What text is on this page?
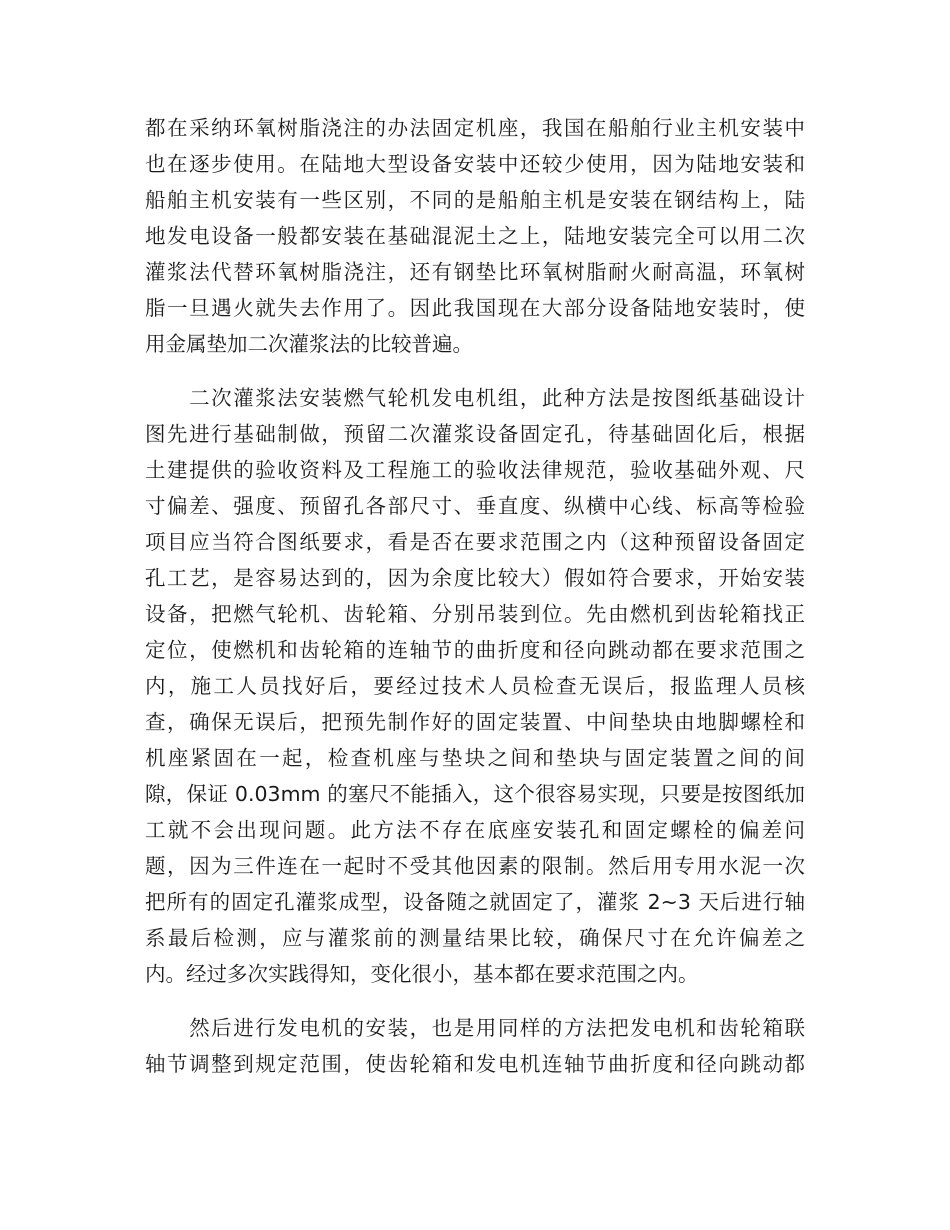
都在采纳环氧树脂浇注的办法固定机座，我国在船舶行业主机安装中
也在逐步使用。在陆地大型设备安装中还较少使用，因为陆地安装和
船舶主机安装有一些区别，不同的是船舶主机是安装在钢结构上，陆
地发电设备一般都安装在基础混泥土之上，陆地安装完全可以用二次
灌浆法代替环氧树脂浇注，还有钢垫比环氧树脂耐火耐高温，环氧树
脂一旦遇火就失去作用了。因此我国现在大部分设备陆地安装时，使
用金属垫加二次灌浆法的比较普遍。
　　二次灌浆法安装燃气轮机发电机组，此种方法是按图纸基础设计
图先进行基础制做，预留二次灌浆设备固定孔，待基础固化后，根据
土建提供的验收资料及工程施工的验收法律规范，验收基础外观、尺
寸偏差、强度、预留孔各部尺寸、垂直度、纵横中心线、标高等检验
项目应当符合图纸要求，看是否在要求范围之内（这种预留设备固定
孔工艺，是容易达到的，因为余度比较大）假如符合要求，开始安装
设备，把燃气轮机、齿轮箱、分别吊装到位。先由燃机到齿轮箱找正
定位，使燃机和齿轮箱的连轴节的曲折度和径向跳动都在要求范围之
内，施工人员找好后，要经过技术人员检查无误后，报监理人员核
查，确保无误后，把预先制作好的固定装置、中间垫块由地脚螺栓和
机座紧固在一起，检查机座与垫块之间和垫块与固定装置之间的间
隙，保证 0.03mm 的塞尺不能插入，这个很容易实现，只要是按图纸加
工就不会出现问题。此方法不存在底座安装孔和固定螺栓的偏差问
题，因为三件连在一起时不受其他因素的限制。然后用专用水泥一次
把所有的固定孔灌浆成型，设备随之就固定了，灌浆 2~3 天后进行轴
系最后检测，应与灌浆前的测量结果比较，确保尺寸在允许偏差之
内。经过多次实践得知，变化很小，基本都在要求范围之内。
　　然后进行发电机的安装，也是用同样的方法把发电机和齿轮箱联
轴节调整到规定范围，使齿轮箱和发电机连轴节曲折度和径向跳动都
